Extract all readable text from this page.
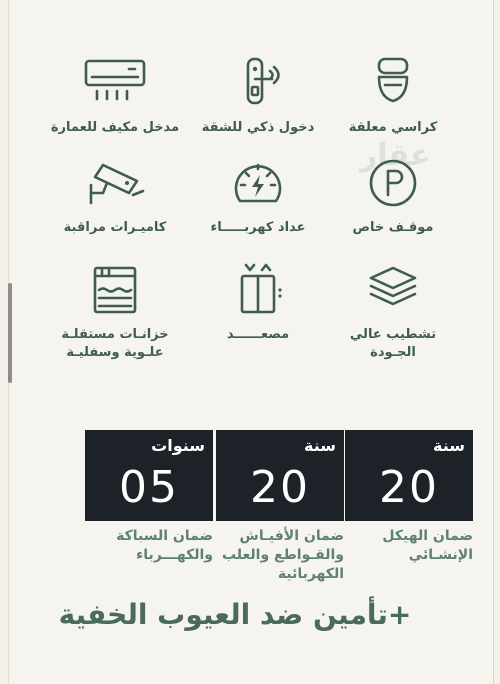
عقار
مدخل مكيف للعمارة	دخول ذكي للشقة	كراسي معلقة
كاميـرات مراقبة	عداد كهربـــــاء	موقـف خاص
خزانـات مستقلـة
علـوية وسفليـة
مصعــــــد	تشطيب عالي
الجـودة
سنوات
05
ضمان السباكة
والكهـــرباء
سنة
20
ضمان الأفيـاش
والقـواطع والعلب
الكهربائية
سنة
20
ضمان الهيكل
الإنشـائي
+تأمين ضد العيوب الخفية
